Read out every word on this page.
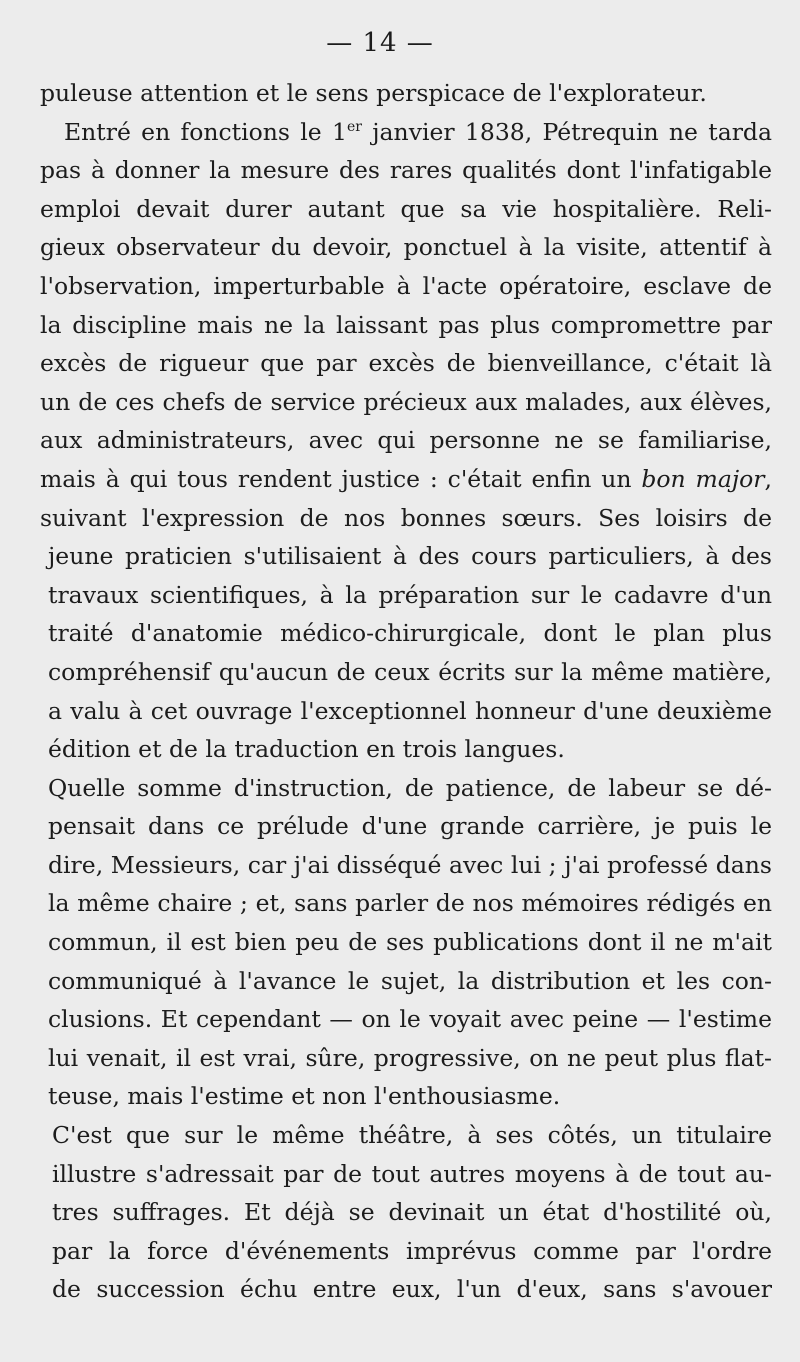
— 14 —
puleuse attention et le sens perspicace de l'explorateur.
Entré en fonctions le 1er janvier 1838, Pétrequin ne tarda
pas à donner la mesure des rares qualités dont l'infatigable
emploi devait durer autant que sa vie hospitalière. Reli-
gieux observateur du devoir, ponctuel à la visite, attentif à
l'observation, imperturbable à l'acte opératoire, esclave de
la discipline mais ne la laissant pas plus compromettre par
excès de rigueur que par excès de bienveillance, c'était là
un de ces chefs de service précieux aux malades, aux élèves,
aux administrateurs, avec qui personne ne se familiarise,
mais à qui tous rendent justice : c'était enfin un bon major,
suivant l'expression de nos bonnes sœurs. Ses loisirs de
jeune praticien s'utilisaient à des cours particuliers, à des
travaux scientifiques, à la préparation sur le cadavre d'un
traité d'anatomie médico-chirurgicale, dont le plan plus
compréhensif qu'aucun de ceux écrits sur la même matière,
a valu à cet ouvrage l'exceptionnel honneur d'une deuxième
édition et de la traduction en trois langues.
Quelle somme d'instruction, de patience, de labeur se dé-
pensait dans ce prélude d'une grande carrière, je puis le
dire, Messieurs, car j'ai disséqué avec lui ; j'ai professé dans
la même chaire ; et, sans parler de nos mémoires rédigés en
commun, il est bien peu de ses publications dont il ne m'ait
communiqué à l'avance le sujet, la distribution et les con-
clusions. Et cependant — on le voyait avec peine — l'estime
lui venait, il est vrai, sûre, progressive, on ne peut plus flat-
teuse, mais l'estime et non l'enthousiasme.
C'est que sur le même théâtre, à ses côtés, un titulaire
illustre s'adressait par de tout autres moyens à de tout au-
tres suffrages. Et déjà se devinait un état d'hostilité où,
par la force d'événements imprévus comme par l'ordre
de succession échu entre eux, l'un d'eux, sans s'avouer
